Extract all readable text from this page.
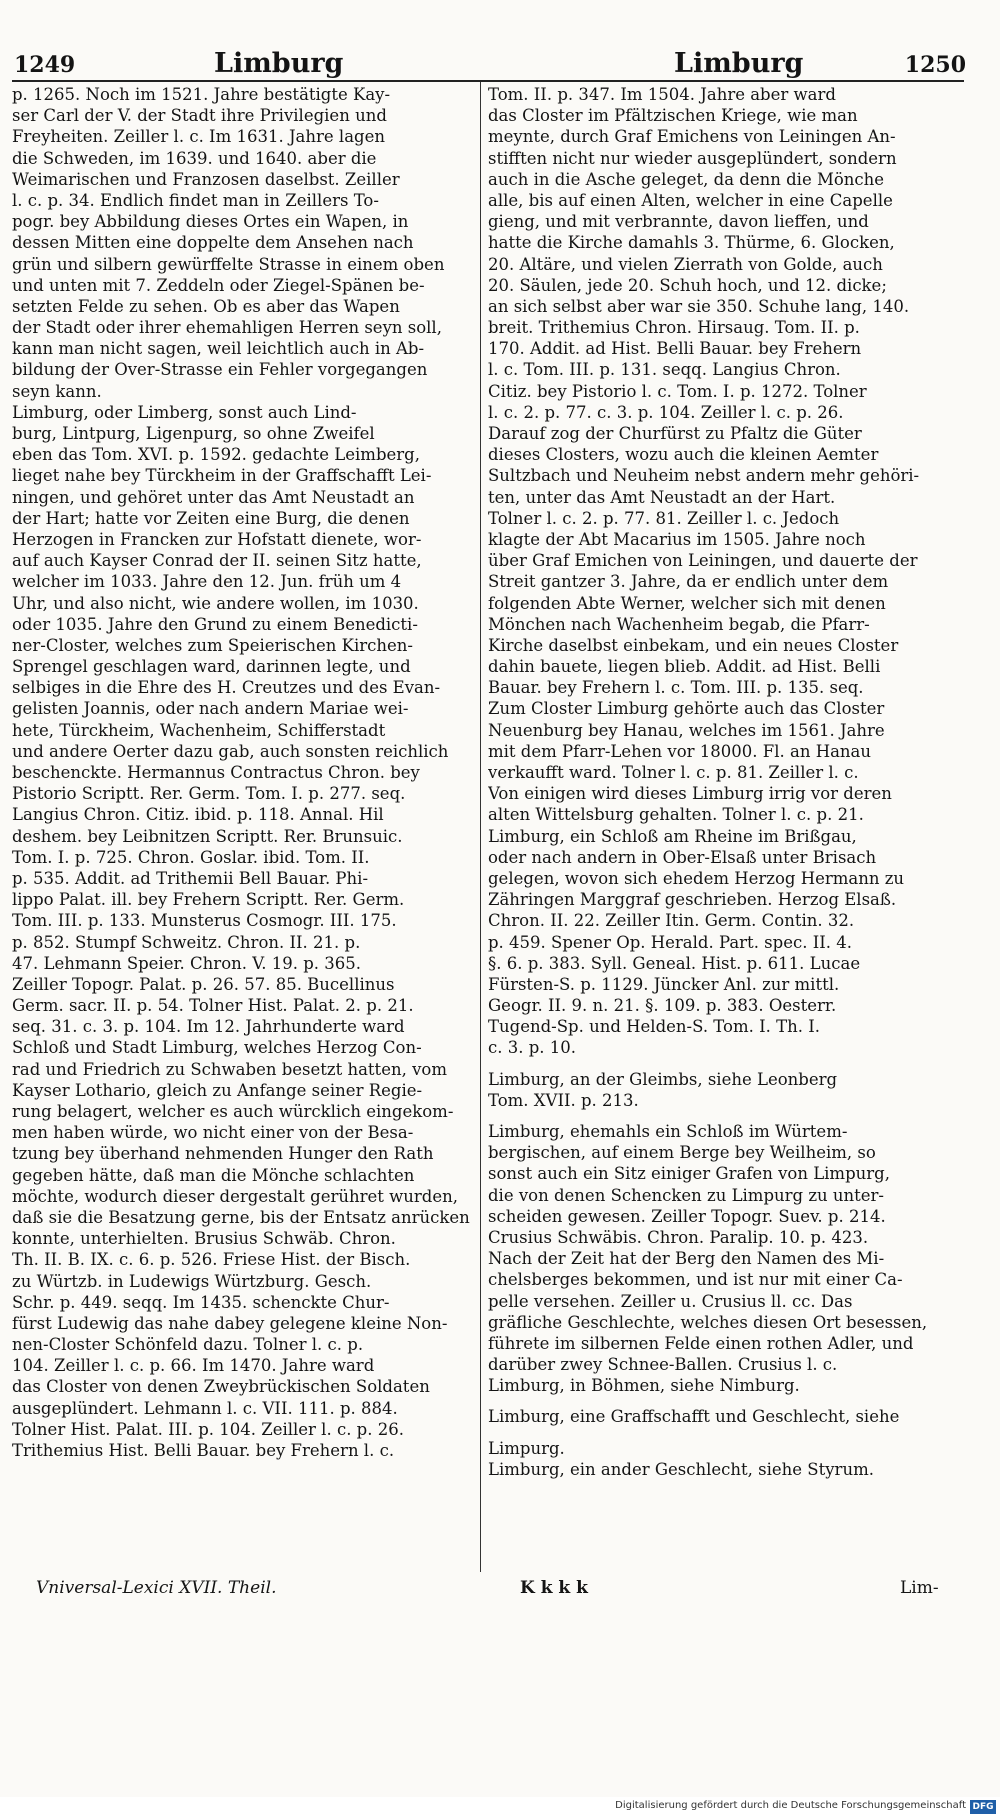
1249	Limburg	Limburg	1250
p. 1265. Noch im 1521. Jahre bestätigte Kay-
ser Carl der V. der Stadt ihre Privilegien und
Freyheiten. Zeiller l. c. Im 1631. Jahre lagen
die Schweden, im 1639. und 1640. aber die
Weimarischen und Franzosen daselbst. Zeiller
l. c. p. 34. Endlich findet man in Zeillers To-
pogr. bey Abbildung dieses Ortes ein Wapen, in
dessen Mitten eine doppelte dem Ansehen nach
grün und silbern gewürffelte Strasse in einem oben
und unten mit 7. Zeddeln oder Ziegel-Spänen be-
setzten Felde zu sehen. Ob es aber das Wapen
der Stadt oder ihrer ehemahligen Herren seyn soll,
kann man nicht sagen, weil leichtlich auch in Ab-
bildung der Over-Strasse ein Fehler vorgegangen
seyn kann.
Limburg, oder Limberg, sonst auch Lind-
burg, Lintpurg, Ligenpurg, so ohne Zweifel
eben das Tom. XVI. p. 1592. gedachte Leimberg,
lieget nahe bey Türckheim in der Graffschafft Lei-
ningen, und gehöret unter das Amt Neustadt an
der Hart; hatte vor Zeiten eine Burg, die denen
Herzogen in Francken zur Hofstatt dienete, wor-
auf auch Kayser Conrad der II. seinen Sitz hatte,
welcher im 1033. Jahre den 12. Jun. früh um 4
Uhr, und also nicht, wie andere wollen, im 1030.
oder 1035. Jahre den Grund zu einem Benedicti-
ner-Closter, welches zum Speierischen Kirchen-
Sprengel geschlagen ward, darinnen legte, und
selbiges in die Ehre des H. Creutzes und des Evan-
gelisten Joannis, oder nach andern Mariae wei-
hete, Türckheim, Wachenheim, Schifferstadt
und andere Oerter dazu gab, auch sonsten reichlich
beschenckte. Hermannus Contractus Chron. bey
Pistorio Scriptt. Rer. Germ. Tom. I. p. 277. seq.
Langius Chron. Citiz. ibid. p. 118. Annal. Hil
deshem. bey Leibnitzen Scriptt. Rer. Brunsuic.
Tom. I. p. 725. Chron. Goslar. ibid. Tom. II.
p. 535. Addit. ad Trithemii Bell Bauar. Phi-
lippo Palat. ill. bey Frehern Scriptt. Rer. Germ.
Tom. III. p. 133. Munsterus Cosmogr. III. 175.
p. 852. Stumpf Schweitz. Chron. II. 21. p.
47. Lehmann Speier. Chron. V. 19. p. 365.
Zeiller Topogr. Palat. p. 26. 57. 85. Bucellinus
Germ. sacr. II. p. 54. Tolner Hist. Palat. 2. p. 21.
seq. 31. c. 3. p. 104. Im 12. Jahrhunderte ward
Schloß und Stadt Limburg, welches Herzog Con-
rad und Friedrich zu Schwaben besetzt hatten, vom
Kayser Lothario, gleich zu Anfange seiner Regie-
rung belagert, welcher es auch würcklich eingekom-
men haben würde, wo nicht einer von der Besa-
tzung bey überhand nehmenden Hunger den Rath
gegeben hätte, daß man die Mönche schlachten
möchte, wodurch dieser dergestalt gerühret wurden,
daß sie die Besatzung gerne, bis der Entsatz anrücken
konnte, unterhielten. Brusius Schwäb. Chron.
Th. II. B. IX. c. 6. p. 526. Friese Hist. der Bisch.
zu Würtzb. in Ludewigs Würtzburg. Gesch.
Schr. p. 449. seqq. Im 1435. schenckte Chur-
fürst Ludewig das nahe dabey gelegene kleine Non-
nen-Closter Schönfeld dazu. Tolner l. c. p.
104. Zeiller l. c. p. 66. Im 1470. Jahre ward
das Closter von denen Zweybrückischen Soldaten
ausgeplündert. Lehmann l. c. VII. 111. p. 884.
Tolner Hist. Palat. III. p. 104. Zeiller l. c. p. 26.
Trithemius Hist. Belli Bauar. bey Frehern l. c.
Tom. II. p. 347. Im 1504. Jahre aber ward
das Closter im Pfältzischen Kriege, wie man
meynte, durch Graf Emichens von Leiningen An-
stifften nicht nur wieder ausgeplündert, sondern
auch in die Asche geleget, da denn die Mönche
alle, bis auf einen Alten, welcher in eine Capelle
gieng, und mit verbrannte, davon lieffen, und
hatte die Kirche damahls 3. Thürme, 6. Glocken,
20. Altäre, und vielen Zierrath von Golde, auch
20. Säulen, jede 20. Schuh hoch, und 12. dicke;
an sich selbst aber war sie 350. Schuhe lang, 140.
breit. Trithemius Chron. Hirsaug. Tom. II. p.
170. Addit. ad Hist. Belli Bauar. bey Frehern
l. c. Tom. III. p. 131. seqq. Langius Chron.
Citiz. bey Pistorio l. c. Tom. I. p. 1272. Tolner
l. c. 2. p. 77. c. 3. p. 104. Zeiller l. c. p. 26.
Darauf zog der Churfürst zu Pfaltz die Güter
dieses Closters, wozu auch die kleinen Aemter
Sultzbach und Neuheim nebst andern mehr gehöri-
ten, unter das Amt Neustadt an der Hart.
Tolner l. c. 2. p. 77. 81. Zeiller l. c. Jedoch
klagte der Abt Macarius im 1505. Jahre noch
über Graf Emichen von Leiningen, und dauerte der
Streit gantzer 3. Jahre, da er endlich unter dem
folgenden Abte Werner, welcher sich mit denen
Mönchen nach Wachenheim begab, die Pfarr-
Kirche daselbst einbekam, und ein neues Closter
dahin bauete, liegen blieb. Addit. ad Hist. Belli
Bauar. bey Frehern l. c. Tom. III. p. 135. seq.
Zum Closter Limburg gehörte auch das Closter
Neuenburg bey Hanau, welches im 1561. Jahre
mit dem Pfarr-Lehen vor 18000. Fl. an Hanau
verkaufft ward. Tolner l. c. p. 81. Zeiller l. c.
Von einigen wird dieses Limburg irrig vor deren
alten Wittelsburg gehalten. Tolner l. c. p. 21.
Limburg, ein Schloß am Rheine im Brißgau,
oder nach andern in Ober-Elsaß unter Brisach
gelegen, wovon sich ehedem Herzog Hermann zu
Zähringen Marggraf geschrieben. Herzog Elsaß.
Chron. II. 22. Zeiller Itin. Germ. Contin. 32.
p. 459. Spener Op. Herald. Part. spec. II. 4.
§. 6. p. 383. Syll. Geneal. Hist. p. 611. Lucae
Fürsten-S. p. 1129. Jüncker Anl. zur mittl.
Geogr. II. 9. n. 21. §. 109. p. 383. Oesterr.
Tugend-Sp. und Helden-S. Tom. I. Th. I.
c. 3. p. 10.
Limburg, an der Gleimbs, siehe Leonberg
Tom. XVII. p. 213.
Limburg, ehemahls ein Schloß im Würtem-
bergischen, auf einem Berge bey Weilheim, so
sonst auch ein Sitz einiger Grafen von Limpurg,
die von denen Schencken zu Limpurg zu unter-
scheiden gewesen. Zeiller Topogr. Suev. p. 214.
Crusius Schwäbis. Chron. Paralip. 10. p. 423.
Nach der Zeit hat der Berg den Namen des Mi-
chelsberges bekommen, und ist nur mit einer Ca-
pelle versehen. Zeiller u. Crusius ll. cc. Das
gräfliche Geschlechte, welches diesen Ort besessen,
führete im silbernen Felde einen rothen Adler, und
darüber zwey Schnee-Ballen. Crusius l. c.
Limburg, in Böhmen, siehe Nimburg.
Limburg, eine Graffschafft und Geschlecht, siehe
Limpurg.
Limburg, ein ander Geschlecht, siehe Styrum.
Vniversal-Lexici XVII. Theil.	K k k k	Lim-
Digitalisierung gefördert durch die Deutsche Forschungsgemeinschaft DFG
